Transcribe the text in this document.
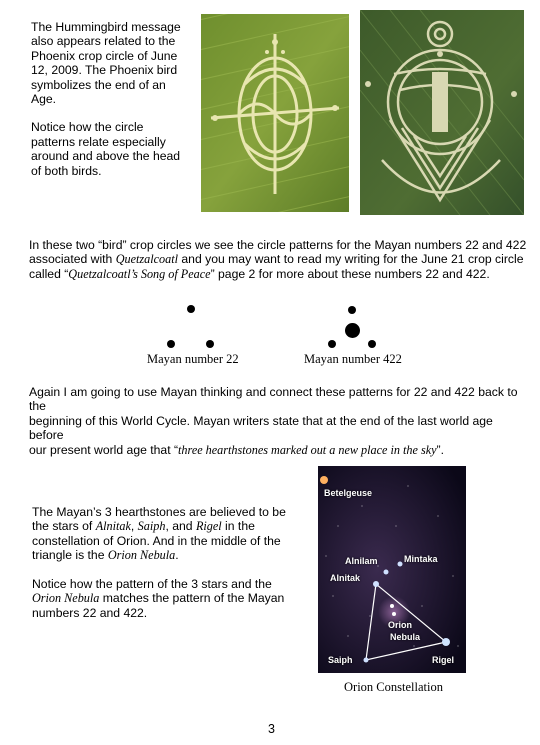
The Hummingbird message

also appears related to the

Phoenix crop circle of June

12, 2009. The Phoenix bird

symbolizes the end of an

Age.

Notice how the circle

patterns relate especially

around and above the head

of both birds.

In these two “bird” crop circles we see the circle patterns for the Mayan numbers 22 and 422

associated with Quetzalcoatl and you may want to read my writing for the June 21 crop circle

called “Quetzalcoatl’s Song of Peace” page 2 for more about these numbers 22 and 422.

Mayan number 22	Mayan number 422

Again I am going to use Mayan thinking and connect these patterns for 22 and 422 back to the

beginning of this World Cycle. Mayan writers state that at the end of the last world age before

our present world age that “three hearthstones marked out a new place in the sky”.

The Mayan’s 3 hearthstones are believed to be

the stars of Alnitak, Saiph, and Rigel in the

constellation of Orion. And in the middle of the

triangle is the Orion Nebula.

Notice how the pattern of the 3 stars and the

Orion Nebula matches the pattern of the Mayan

numbers 22 and 422.

Betelgeuse
Alnilam	Mintaka
Alnitak
Orion
Nebula
Saiph	Rigel
Orion Constellation
3
